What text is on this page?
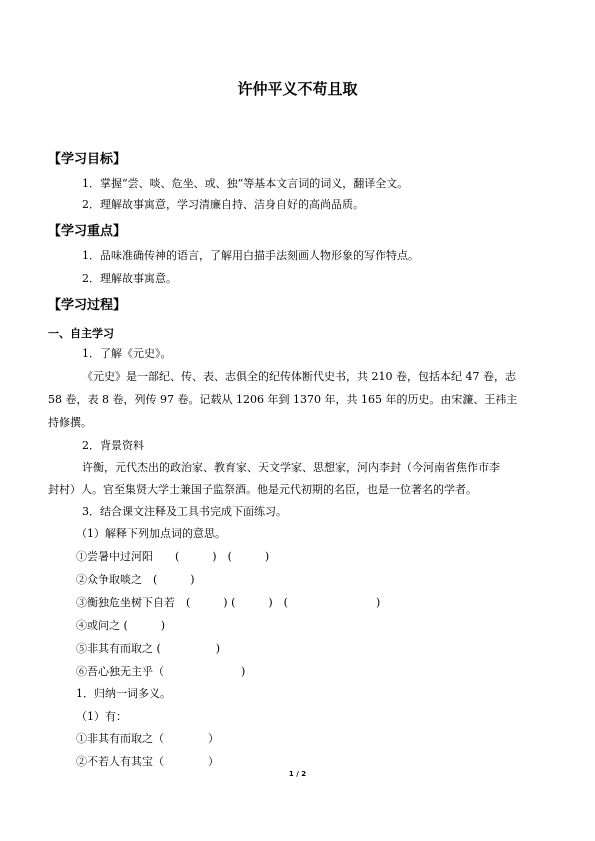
许仲平义不苟且取
【学习目标】
1．掌握“尝、啖、危坐、或、独”等基本文言词的词义，翻译全文。
2．理解故事寓意，学习清廉自持、洁身自好的高尚品质。
【学习重点】
1．品味准确传神的语言，了解用白描手法刻画人物形象的写作特点。
2．理解故事寓意。
【学习过程】
一、自主学习
1．了解《元史》。
《元史》是一部纪、传、表、志俱全的纪传体断代史书，共 210 卷，包括本纪 47 卷，志
58 卷，表 8 卷，列传 97 卷。记载从 1206 年到 1370 年，共 165 年的历史。由宋濂、王祎主
持修撰。
2．背景资料
许衡，元代杰出的政治家、教育家、天文学家、思想家，河内李封（今河南省焦作市李
封村）人。官至集贤大学士兼国子监祭酒。他是元代初期的名臣，也是一位著名的学者。
3．结合课文注释及工具书完成下面练习。
（1）解释下列加点词的意思。
①尝暑中过河阳　　(　　　)　(　　　)
②众争取啖之　(　　　)
③衡独危坐树下自若　(　　　) (　　　)　(　　　　　　　　)
④或问之 (　　　)
⑤非其有而取之 (　　　　　)
⑥吾心独无主乎（　　　　　　　)
1．归纳一词多义。
（1）有：
①非其有而取之（　　　　）
②不若人有其宝（　　　　）
1 / 2
